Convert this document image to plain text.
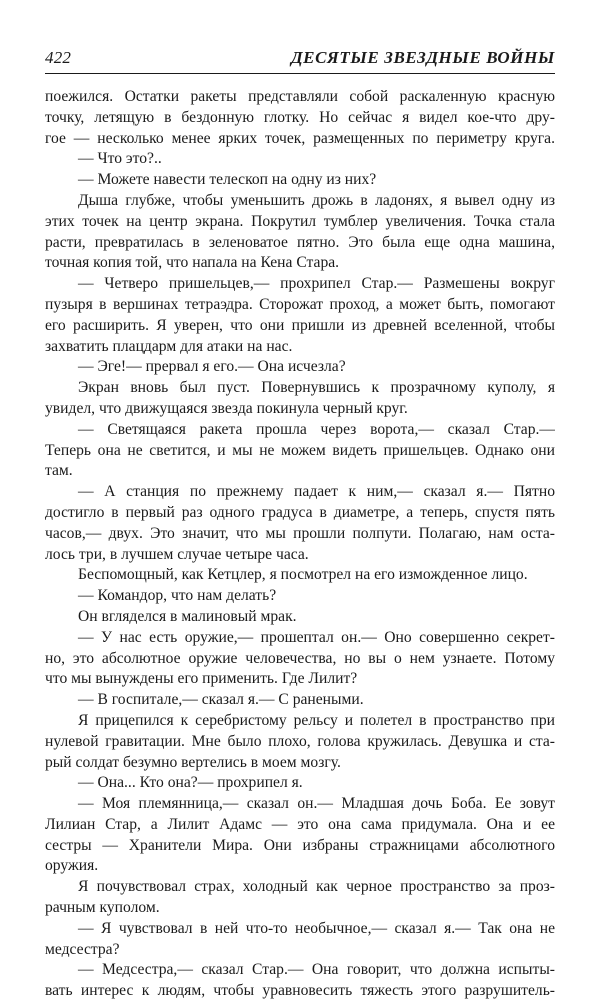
422	ДЕСЯТЫЕ ЗВЕЗДНЫЕ ВОЙНЫ
поежился. Остатки ракеты представляли собой раскаленную красную
точку, летящую в бездонную глотку. Но сейчас я видел кое-что дру-
гое — несколько менее ярких точек, размещенных по периметру круга.
— Что это?..
— Можете навести телескоп на одну из них?
Дыша глубже, чтобы уменьшить дрожь в ладонях, я вывел одну из
этих точек на центр экрана. Покрутил тумблер увеличения. Точка стала
расти, превратилась в зеленоватое пятно. Это была еще одна машина,
точная копия той, что напала на Кена Стара.
— Четверо пришельцев,— прохрипел Стар.— Размешены вокруг
пузыря в вершинах тетраэдра. Сторожат проход, а может быть, помогают
его расширить. Я уверен, что они пришли из древней вселенной, чтобы
захватить плацдарм для атаки на нас.
— Эге!— прервал я его.— Она исчезла?
Экран вновь был пуст. Повернувшись к прозрачному куполу, я
увидел, что движущаяся звезда покинула черный круг.
— Светящаяся ракета прошла через ворота,— сказал Стар.—
Теперь она не светится, и мы не можем видеть пришельцев. Однако они
там.
— А станция по прежнему падает к ним,— сказал я.— Пятно
достигло в первый раз одного градуса в диаметре, а теперь, спустя пять
часов,— двух. Это значит, что мы прошли полпути. Полагаю, нам оста-
лось три, в лучшем случае четыре часа.
Беспомощный, как Кетцлер, я посмотрел на его изможденное лицо.
— Командор, что нам делать?
Он вгляделся в малиновый мрак.
— У нас есть оружие,— прошептал он.— Оно совершенно секрет-
но, это абсолютное оружие человечества, но вы о нем узнаете. Потому
что мы вынуждены его применить. Где Лилит?
— В госпитале,— сказал я.— С ранеными.
Я прицепился к серебристому рельсу и полетел в пространство при
нулевой гравитации. Мне было плохо, голова кружилась. Девушка и ста-
рый солдат безумно вертелись в моем мозгу.
— Она... Кто она?— прохрипел я.
— Моя племянница,— сказал он.— Младшая дочь Боба. Ее зовут
Лилиан Стар, а Лилит Адамс — это она сама придумала. Она и ее
сестры — Хранители Мира. Они избраны стражницами абсолютного
оружия.
Я почувствовал страх, холодный как черное пространство за проз-
рачным куполом.
— Я чувствовал в ней что-то необычное,— сказал я.— Так она не
медсестра?
— Медсестра,— сказал Стар.— Она говорит, что должна испыты-
вать интерес к людям, чтобы уравновесить тяжесть этого разрушитель-
